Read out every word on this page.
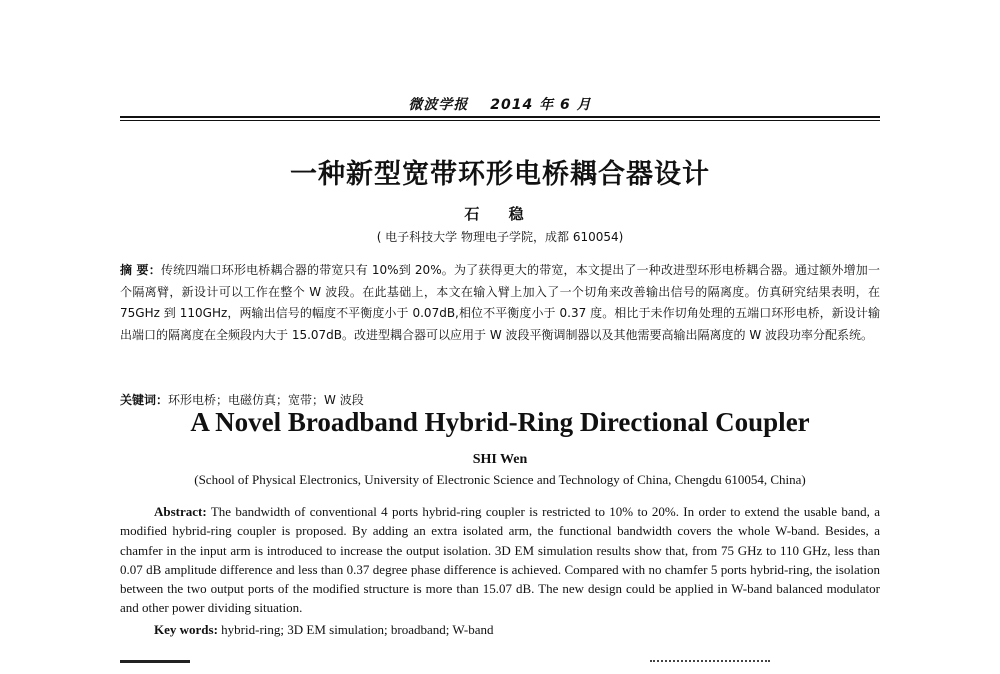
微波学报 2014 年 6 月
一种新型宽带环形电桥耦合器设计
石 稳
( 电子科技大学 物理电子学院，成都 610054)

摘 要：传统四端口环形电桥耦合器的带宽只有 10%到 20%。为了获得更大的带宽，本文提出了一种改进型环形电桥耦合器。通过额外增加一个隔离臂，新设计可以工作在整个 W 波段。在此基础上，本文在输入臂上加入了一个切角来改善输出信号的隔离度。仿真研究结果表明，在 75GHz 到 110GHz，两输出信号的幅度不平衡度小于 0.07dB,相位不平衡度小于 0.37 度。相比于未作切角处理的五端口环形电桥，新设计输出端口的隔离度在全频段内大于 15.07dB。改进型耦合器可以应用于 W 波段平衡调制器以及其他需要高输出隔离度的 W 波段功率分配系统。

关键词：环形电桥；电磁仿真；宽带；W 波段

A Novel Broadband Hybrid-Ring Directional Coupler
SHI Wen
(School of Physical Electronics, University of Electronic Science and Technology of China, Chengdu 610054, China)

Abstract: The bandwidth of conventional 4 ports hybrid-ring coupler is restricted to 10% to 20%. In order to extend the usable band, a modified hybrid-ring coupler is proposed. By adding an extra isolated arm, the functional bandwidth covers the whole W-band. Besides, a chamfer in the input arm is introduced to increase the output isolation. 3D EM simulation results show that, from 75 GHz to 110 GHz, less than 0.07 dB amplitude difference and less than 0.37 degree phase difference is achieved. Compared with no chamfer 5 ports hybrid-ring, the isolation between the two output ports of the modified structure is more than 15.07 dB. The new design could be applied in W-band balanced modulator and other power dividing situation.

Key words: hybrid-ring; 3D EM simulation; broadband; W-band
